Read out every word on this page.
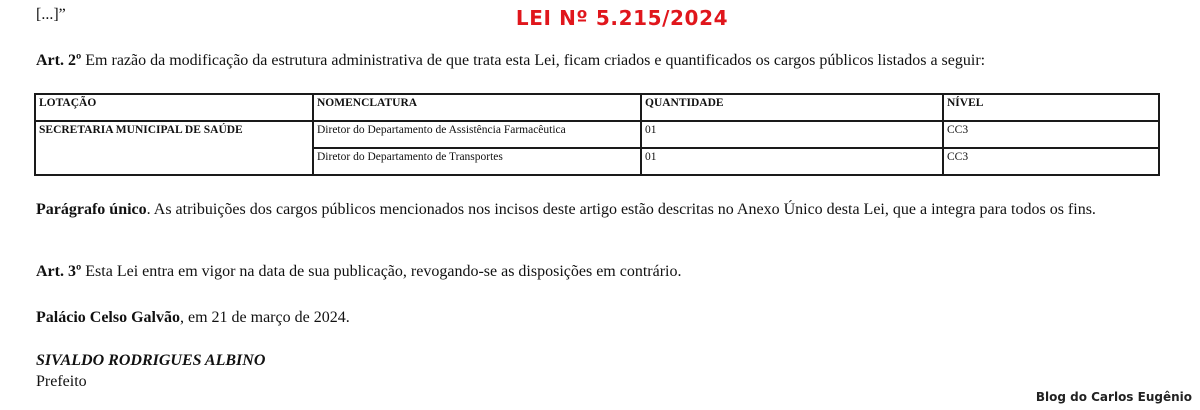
[...]”	LEI Nº 5.215/2024
Art. 2º Em razão da modificação da estrutura administrativa de que trata esta Lei, ficam criados e quantificados os cargos públicos listados a seguir:
LOTAÇÃO	NOMENCLATURA	QUANTIDADE	NÍVEL
SECRETARIA MUNICIPAL DE SAÚDE	Diretor do Departamento de Assistência Farmacêutica	01	CC3
	Diretor do Departamento de Transportes	01	CC3
Parágrafo único. As atribuições dos cargos públicos mencionados nos incisos deste artigo estão descritas no Anexo Único desta Lei, que a integra para todos os fins.
Art. 3º Esta Lei entra em vigor na data de sua publicação, revogando-se as disposições em contrário.
Palácio Celso Galvão, em 21 de março de 2024.
SIVALDO RODRIGUES ALBINO
Prefeito
Blog do Carlos Eugênio
